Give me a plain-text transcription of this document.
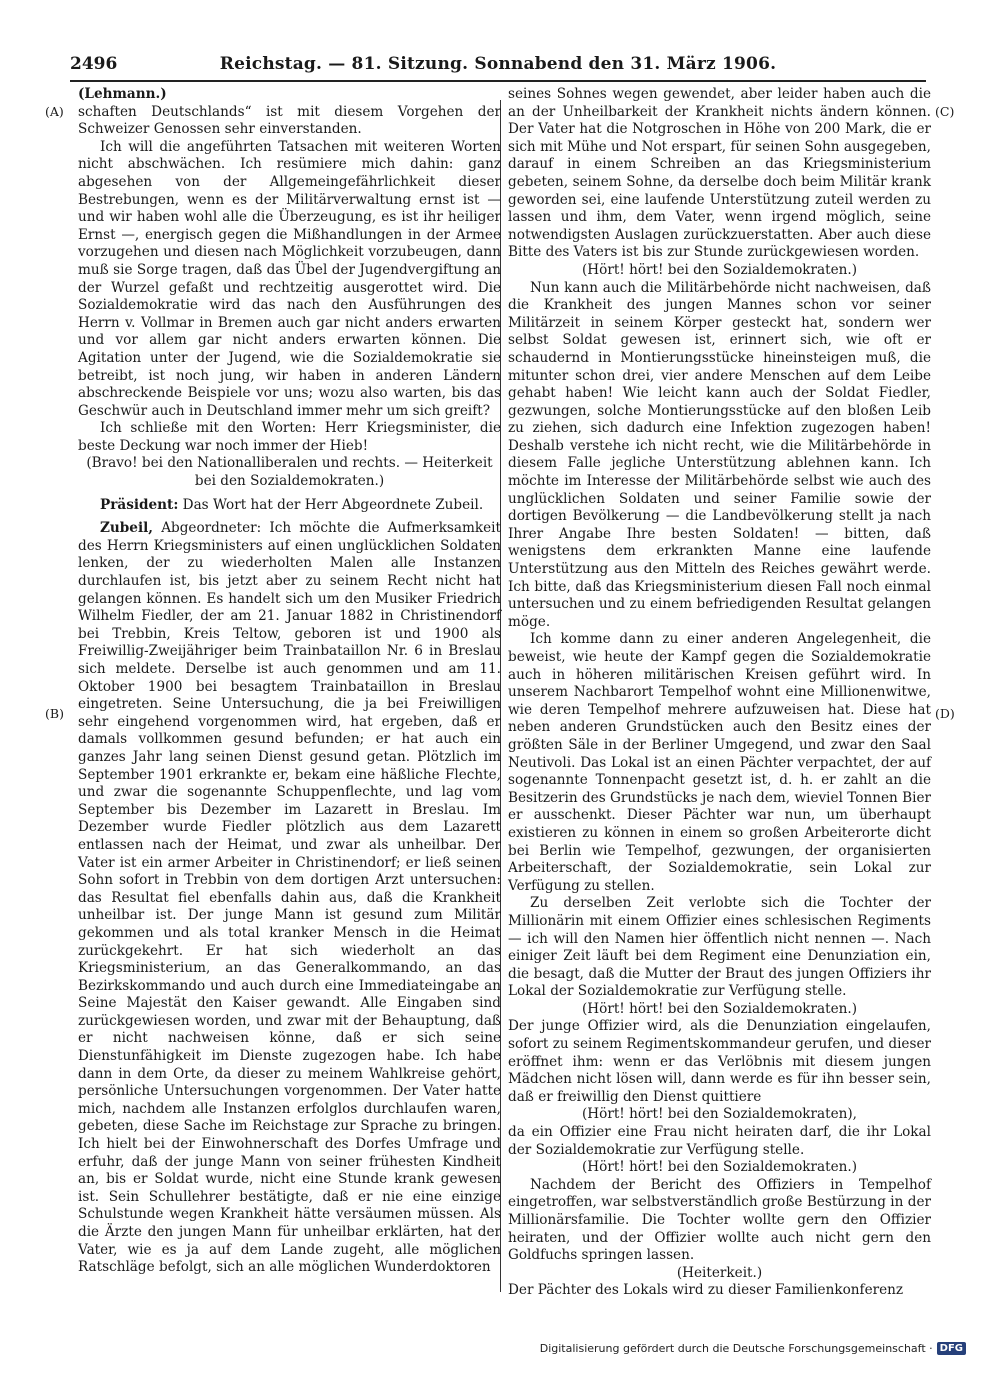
2496	Reichstag. — 81. Sitzung. Sonnabend den 31. März 1906.
(A)
(B)
(C)
(D)

(Lehmann.)

schaften Deutschlands“ ist mit diesem Vorgehen der Schweizer Genossen sehr einverstanden.

Ich will die angeführten Tatsachen mit weiteren Worten nicht abschwächen. Ich resümiere mich dahin: ganz abgesehen von der Allgemeingefährlichkeit dieser Bestrebungen, wenn es der Militärverwaltung ernst ist — und wir haben wohl alle die Überzeugung, es ist ihr heiliger Ernst —, energisch gegen die Mißhandlungen in der Armee vorzugehen und diesen nach Möglichkeit vorzubeugen, dann muß sie Sorge tragen, daß das Übel der Jugendvergiftung an der Wurzel gefaßt und rechtzeitig ausgerottet wird. Die Sozialdemokratie wird das nach den Ausführungen des Herrn v. Vollmar in Bremen auch gar nicht anders erwarten und vor allem gar nicht anders erwarten können. Die Agitation unter der Jugend, wie die Sozialdemokratie sie betreibt, ist noch jung, wir haben in anderen Ländern abschreckende Beispiele vor uns; wozu also warten, bis das Geschwür auch in Deutschland immer mehr um sich greift?

Ich schließe mit den Worten: Herr Kriegsminister, die beste Deckung war noch immer der Hieb!

(Bravo! bei den Nationalliberalen und rechts. — Heiterkeit bei den Sozialdemokraten.)

Präsident: Das Wort hat der Herr Abgeordnete Zubeil.

Zubeil, Abgeordneter: Ich möchte die Aufmerksamkeit des Herrn Kriegsministers auf einen unglücklichen Soldaten lenken, der zu wiederholten Malen alle Instanzen durchlaufen ist, bis jetzt aber zu seinem Recht nicht hat gelangen können. Es handelt sich um den Musiker Friedrich Wilhelm Fiedler, der am 21. Januar 1882 in Christinendorf bei Trebbin, Kreis Teltow, geboren ist und 1900 als Freiwillig-Zweijähriger beim Trainbataillon Nr. 6 in Breslau sich meldete. Derselbe ist auch genommen und am 11. Oktober 1900 bei besagtem Trainbataillon in Breslau eingetreten. Seine Untersuchung, die ja bei Freiwilligen sehr eingehend vorgenommen wird, hat ergeben, daß er damals vollkommen gesund befunden; er hat auch ein ganzes Jahr lang seinen Dienst gesund getan. Plötzlich im September 1901 erkrankte er, bekam eine häßliche Flechte, und zwar die sogenannte Schuppenflechte, und lag vom September bis Dezember im Lazarett in Breslau. Im Dezember wurde Fiedler plötzlich aus dem Lazarett entlassen nach der Heimat, und zwar als unheilbar. Der Vater ist ein armer Arbeiter in Christinendorf; er ließ seinen Sohn sofort in Trebbin von dem dortigen Arzt untersuchen: das Resultat fiel ebenfalls dahin aus, daß die Krankheit unheilbar ist. Der junge Mann ist gesund zum Militär gekommen und als total kranker Mensch in die Heimat zurückgekehrt. Er hat sich wiederholt an das Kriegsministerium, an das Generalkommando, an das Bezirkskommando und auch durch eine Immediateingabe an Seine Majestät den Kaiser gewandt. Alle Eingaben sind zurückgewiesen worden, und zwar mit der Behauptung, daß er nicht nachweisen könne, daß er sich seine Dienstunfähigkeit im Dienste zugezogen habe. Ich habe dann in dem Orte, da dieser zu meinem Wahlkreise gehört, persönliche Untersuchungen vorgenommen. Der Vater hatte mich, nachdem alle Instanzen erfolglos durchlaufen waren, gebeten, diese Sache im Reichstage zur Sprache zu bringen. Ich hielt bei der Einwohnerschaft des Dorfes Umfrage und erfuhr, daß der junge Mann von seiner frühesten Kindheit an, bis er Soldat wurde, nicht eine Stunde krank gewesen ist. Sein Schullehrer bestätigte, daß er nie eine einzige Schulstunde wegen Krankheit hätte versäumen müssen. Als die Ärzte den jungen Mann für unheilbar erklärten, hat der Vater, wie es ja auf dem Lande zugeht, alle möglichen Ratschläge befolgt, sich an alle möglichen Wunderdoktoren

seines Sohnes wegen gewendet, aber leider haben auch die an der Unheilbarkeit der Krankheit nichts ändern können. Der Vater hat die Notgroschen in Höhe von 200 Mark, die er sich mit Mühe und Not erspart, für seinen Sohn ausgegeben, darauf in einem Schreiben an das Kriegsministerium gebeten, seinem Sohne, da derselbe doch beim Militär krank geworden sei, eine laufende Unterstützung zuteil werden zu lassen und ihm, dem Vater, wenn irgend möglich, seine notwendigsten Auslagen zurückzuerstatten. Aber auch diese Bitte des Vaters ist bis zur Stunde zurückgewiesen worden.

(Hört! hört! bei den Sozialdemokraten.)

Nun kann auch die Militärbehörde nicht nachweisen, daß die Krankheit des jungen Mannes schon vor seiner Militärzeit in seinem Körper gesteckt hat, sondern wer selbst Soldat gewesen ist, erinnert sich, wie oft er schaudernd in Montierungsstücke hineinsteigen muß, die mitunter schon drei, vier andere Menschen auf dem Leibe gehabt haben! Wie leicht kann auch der Soldat Fiedler, gezwungen, solche Montierungsstücke auf den bloßen Leib zu ziehen, sich dadurch eine Infektion zugezogen haben! Deshalb verstehe ich nicht recht, wie die Militärbehörde in diesem Falle jegliche Unterstützung ablehnen kann. Ich möchte im Interesse der Militärbehörde selbst wie auch des unglücklichen Soldaten und seiner Familie sowie der dortigen Bevölkerung — die Landbevölkerung stellt ja nach Ihrer Angabe Ihre besten Soldaten! — bitten, daß wenigstens dem erkrankten Manne eine laufende Unterstützung aus den Mitteln des Reiches gewährt werde. Ich bitte, daß das Kriegsministerium diesen Fall noch einmal untersuchen und zu einem befriedigenden Resultat gelangen möge.

Ich komme dann zu einer anderen Angelegenheit, die beweist, wie heute der Kampf gegen die Sozialdemokratie auch in höheren militärischen Kreisen geführt wird. In unserem Nachbarort Tempelhof wohnt eine Millionenwitwe, wie deren Tempelhof mehrere aufzuweisen hat. Diese hat neben anderen Grundstücken auch den Besitz eines der größten Säle in der Berliner Umgegend, und zwar den Saal Neutivoli. Das Lokal ist an einen Pächter verpachtet, der auf sogenannte Tonnenpacht gesetzt ist, d. h. er zahlt an die Besitzerin des Grundstücks je nach dem, wieviel Tonnen Bier er ausschenkt. Dieser Pächter war nun, um überhaupt existieren zu können in einem so großen Arbeiterorte dicht bei Berlin wie Tempelhof, gezwungen, der organisierten Arbeiterschaft, der Sozialdemokratie, sein Lokal zur Verfügung zu stellen.

Zu derselben Zeit verlobte sich die Tochter der Millionärin mit einem Offizier eines schlesischen Regiments — ich will den Namen hier öffentlich nicht nennen —. Nach einiger Zeit läuft bei dem Regiment eine Denunziation ein, die besagt, daß die Mutter der Braut des jungen Offiziers ihr Lokal der Sozialdemokratie zur Verfügung stelle.

(Hört! hört! bei den Sozialdemokraten.)

Der junge Offizier wird, als die Denunziation eingelaufen, sofort zu seinem Regimentskommandeur gerufen, und dieser eröffnet ihm: wenn er das Verlöbnis mit diesem jungen Mädchen nicht lösen will, dann werde es für ihn besser sein, daß er freiwillig den Dienst quittiere

(Hört! hört! bei den Sozialdemokraten),

da ein Offizier eine Frau nicht heiraten darf, die ihr Lokal der Sozialdemokratie zur Verfügung stelle.

(Hört! hört! bei den Sozialdemokraten.)

Nachdem der Bericht des Offiziers in Tempelhof eingetroffen, war selbstverständlich große Bestürzung in der Millionärsfamilie. Die Tochter wollte gern den Offizier heiraten, und der Offizier wollte auch nicht gern den Goldfuchs springen lassen.

(Heiterkeit.)

Der Pächter des Lokals wird zu dieser Familienkonferenz

Digitalisierung gefördert durch die Deutsche Forschungsgemeinschaft · DFG
